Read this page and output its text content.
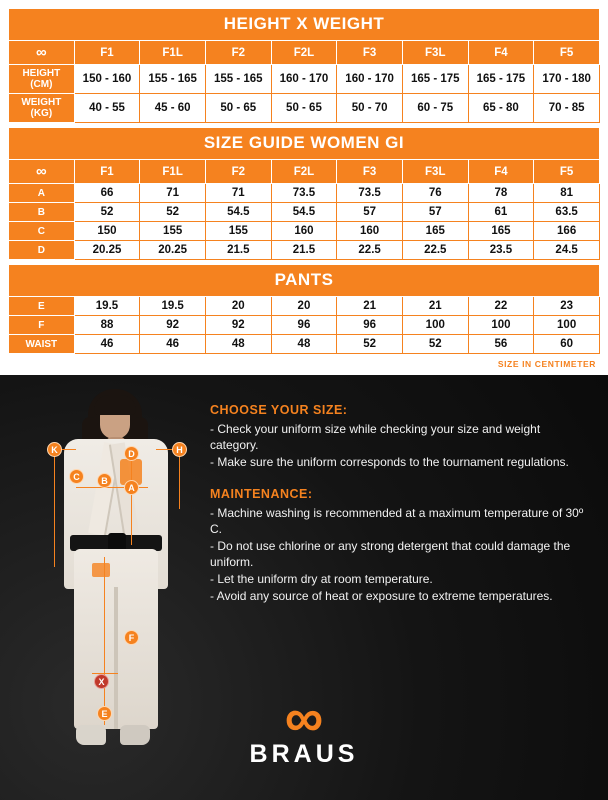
HEIGHT X WEIGHT								
∞	F1	F1L	F2	F2L	F3	F3L	F4	F5
HEIGHT (CM)	150 - 160	155 - 165	155 - 165	160 - 170	160 - 170	165 - 175	165 - 175	170 - 180
WEIGHT (KG)	40 - 55	45 - 60	50 - 65	50 - 65	50 - 70	60 - 75	65 - 80	70 - 85
SIZE GUIDE WOMEN GI								
∞	F1	F1L	F2	F2L	F3	F3L	F4	F5
A	66	71	71	73.5	73.5	76	78	81
B	52	52	54.5	54.5	57	57	61	63.5
C	150	155	155	160	160	165	165	166
D	20.25	20.25	21.5	21.5	22.5	22.5	23.5	24.5
PANTS								
E	19.5	19.5	20	20	21	21	22	23
F	88	92	92	96	96	100	100	100
WAIST	46	46	48	48	52	52	56	60
SIZE IN CENTIMETER
A
B
C
D
E
F
K	H
X
CHOOSE YOUR SIZE:

- Check your uniform size while checking your size and weight category.

- Make sure the uniform corresponds to the tournament regulations.

MAINTENANCE:

- Machine washing is recommended at a maximum temperature of 30º C.

- Do not use chlorine or any strong detergent that could damage the uniform.

- Let the uniform dry at room temperature.

- Avoid any source of heat or exposure to extreme temperatures.

∞
BRAUS
